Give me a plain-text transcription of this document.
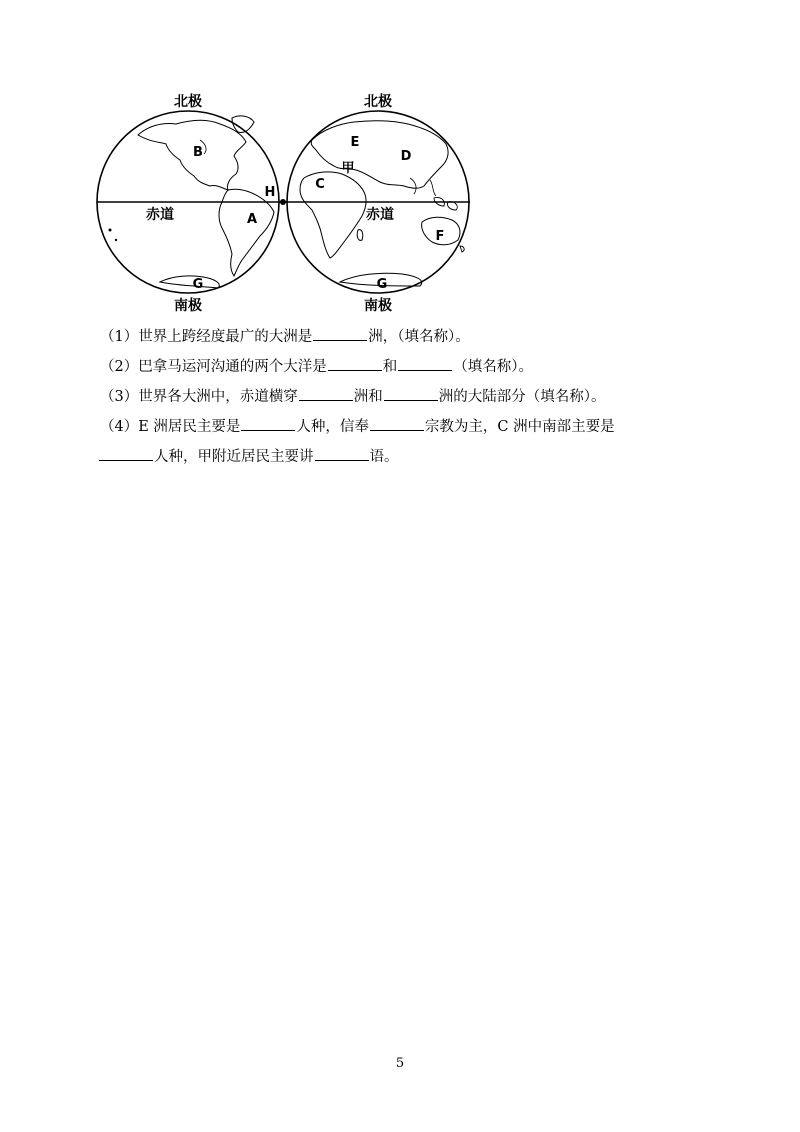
北极	北极
南极	南极
赤道	赤道
B
H
A
G
E
甲
D
C
F
G
（1）世界上跨经度最广的大洲是	洲，（填名称）。
（2）巴拿马运河沟通的两个大洋是	和	（填名称）。
（3）世界各大洲中，赤道横穿	洲和	洲的大陆部分（填名称）。
（4）E 洲居民主要是	人种，信奉	宗教为主，C 洲中南部主要是
人种，甲附近居民主要讲	语。
5
